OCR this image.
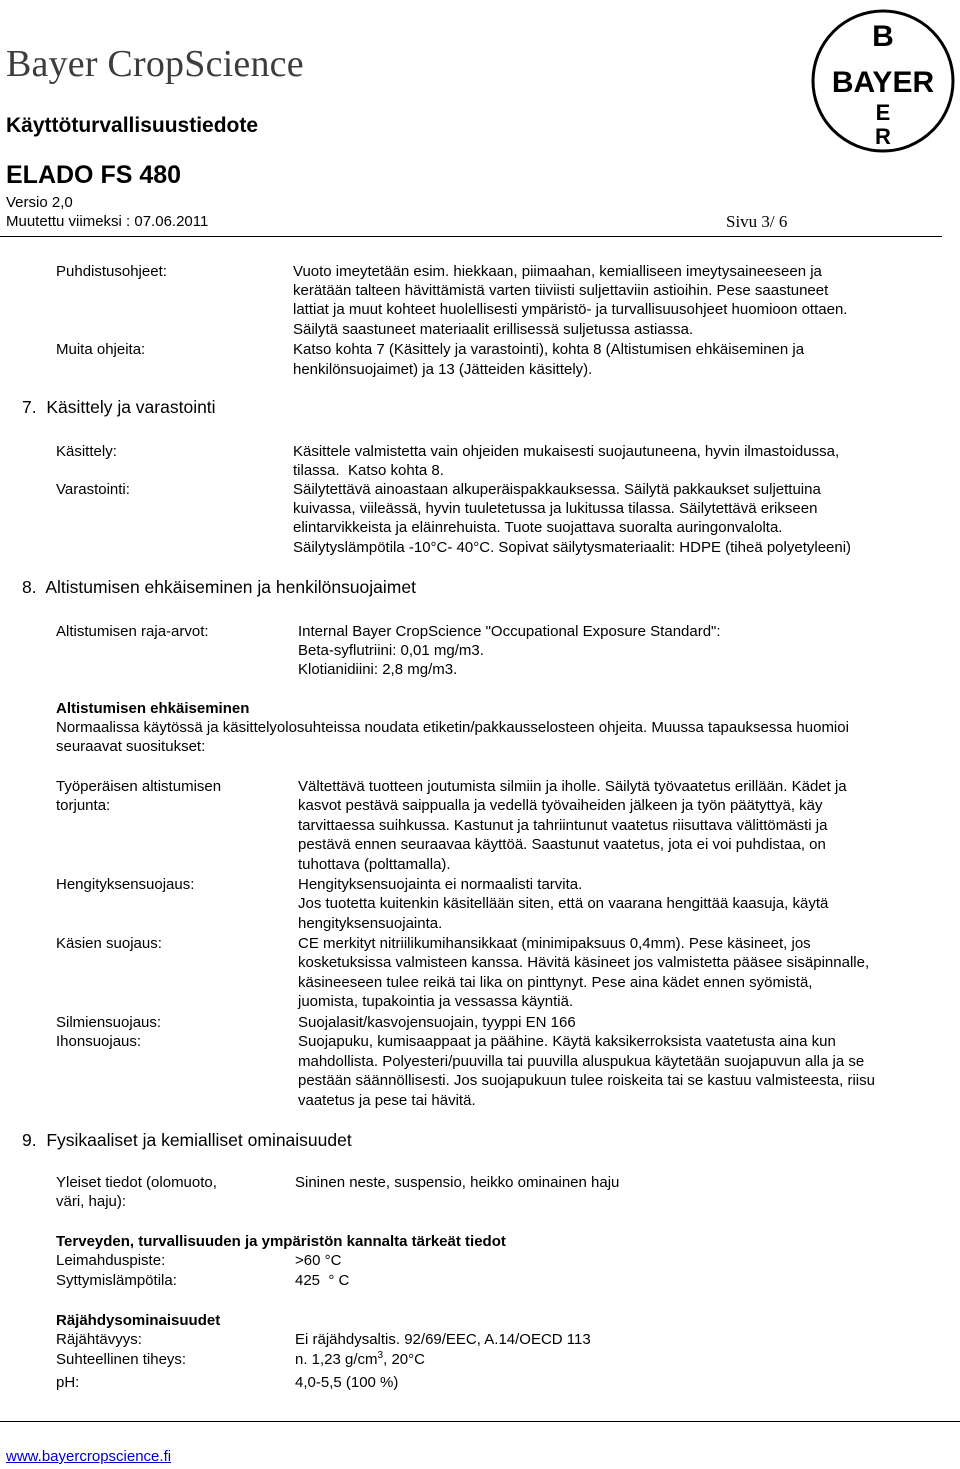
Bayer CropScience
Käyttöturvallisuustiedote
ELADO FS 480
Versio 2,0
Muutettu viimeksi : 07.06.2011	Sivu 3/ 6
B
BAYER
E
R
Puhdistusohjeet:	Vuoto imeytetään esim. hiekkaan, piimaahan, kemialliseen imeytysaineeseen ja
kerätään talteen hävittämistä varten tiiviisti suljettaviin astioihin. Pese saastuneet
lattiat ja muut kohteet huolellisesti ympäristö- ja turvallisuusohjeet huomioon ottaen.
Säilytä saastuneet materiaalit erillisessä suljetussa astiassa.
Muita ohjeita:	Katso kohta 7 (Käsittely ja varastointi), kohta 8 (Altistumisen ehkäiseminen ja
henkilönsuojaimet) ja 13 (Jätteiden käsittely).
7.  Käsittely ja varastointi
Käsittely:	Käsittele valmistetta vain ohjeiden mukaisesti suojautuneena, hyvin ilmastoidussa,
tilassa.  Katso kohta 8.
Varastointi:	Säilytettävä ainoastaan alkuperäispakkauksessa. Säilytä pakkaukset suljettuina
kuivassa, viileässä, hyvin tuuletetussa ja lukitussa tilassa. Säilytettävä erikseen
elintarvikkeista ja eläinrehuista. Tuote suojattava suoralta auringonvalolta.
Säilytyslämpötila -10°C- 40°C. Sopivat säilytysmateriaalit: HDPE (tiheä polyetyleeni)
8.  Altistumisen ehkäiseminen ja henkilönsuojaimet
Altistumisen raja-arvot:	Internal Bayer CropScience "Occupational Exposure Standard":
Beta-syflutriini: 0,01 mg/m3.
Klotianidiini: 2,8 mg/m3.
Altistumisen ehkäiseminen
Normaalissa käytössä ja käsittelyolosuhteissa noudata etiketin/pakkausselosteen ohjeita. Muussa tapauksessa huomioi
seuraavat suositukset:
Työperäisen altistumisen
torjunta:
Vältettävä tuotteen joutumista silmiin ja iholle. Säilytä työvaatetus erillään. Kädet ja
kasvot pestävä saippualla ja vedellä työvaiheiden jälkeen ja työn päätyttyä, käy
tarvittaessa suihkussa. Kastunut ja tahriintunut vaatetus riisuttava välittömästi ja
pestävä ennen seuraavaa käyttöä. Saastunut vaatetus, jota ei voi puhdistaa, on
tuhottava (polttamalla).
Hengityksensuojaus:	Hengityksensuojainta ei normaalisti tarvita.
Jos tuotetta kuitenkin käsitellään siten, että on vaarana hengittää kaasuja, käytä
hengityksensuojainta.
Käsien suojaus:	CE merkityt nitriilikumihansikkaat (minimipaksuus 0,4mm). Pese käsineet, jos
kosketuksissa valmisteen kanssa. Hävitä käsineet jos valmistetta pääsee sisäpinnalle,
käsineeseen tulee reikä tai lika on pinttynyt. Pese aina kädet ennen syömistä,
juomista, tupakointia ja vessassa käyntiä.
Silmiensuojaus:	Suojalasit/kasvojensuojain, tyyppi EN 166
Ihonsuojaus:	Suojapuku, kumisaappaat ja päähine. Käytä kaksikerroksista vaatetusta aina kun
mahdollista. Polyesteri/puuvilla tai puuvilla aluspukua käytetään suojapuvun alla ja se
pestään säännöllisesti. Jos suojapukuun tulee roiskeita tai se kastuu valmisteesta, riisu
vaatetus ja pese tai hävitä.
9.  Fysikaaliset ja kemialliset ominaisuudet
Yleiset tiedot (olomuoto,
väri, haju):
Sininen neste, suspensio, heikko ominainen haju
Terveyden, turvallisuuden ja ympäristön kannalta tärkeät tiedot
Leimahduspiste:	>60 °C
Syttymislämpötila:	425  ° C
Räjähdysominaisuudet
Räjähtävyys:	Ei räjähdysaltis. 92/69/EEC, A.14/OECD 113
Suhteellinen tiheys:	n. 1,23 $g/cm^3$, 20°C
pH:	4,0-5,5 (100 %)
www.bayercropscience.fi
